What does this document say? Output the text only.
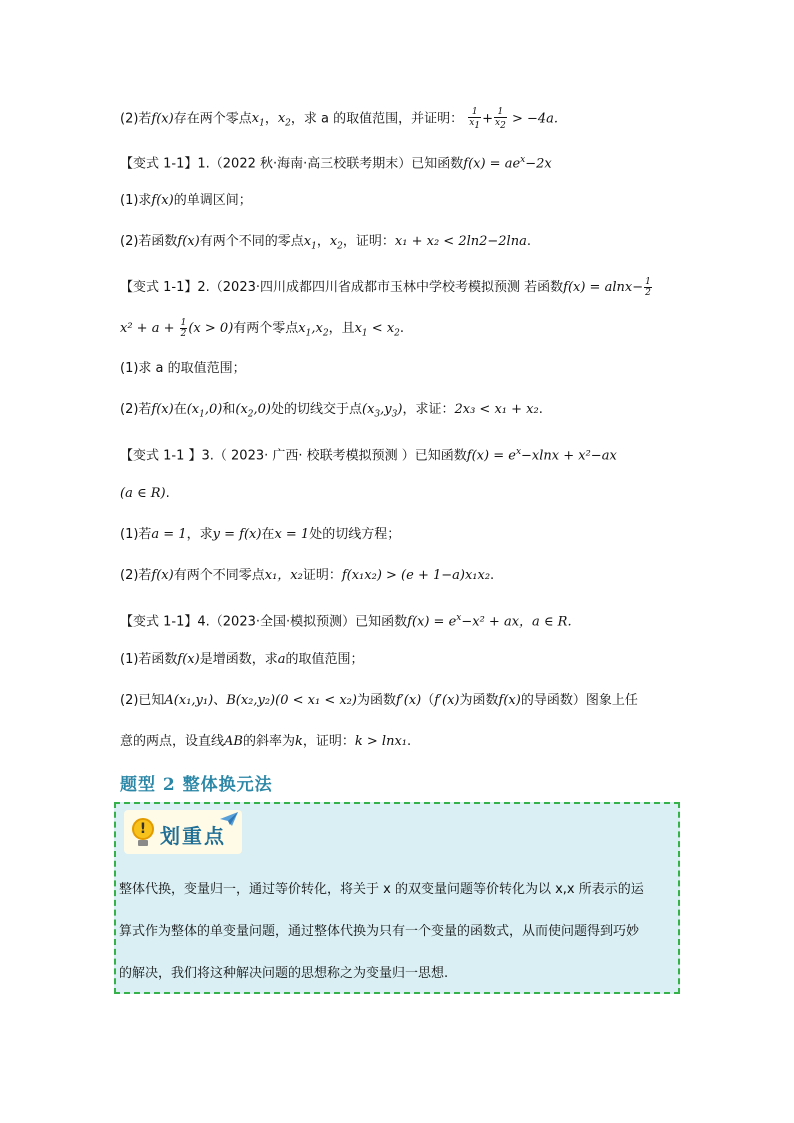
(2)若f(x)存在两个零点$x_1$，$x_2$，求 a 的取值范围，并证明： $\frac{1}{x_1} + \frac{1}{x_2} > -4a$.
【变式 1-1】1.（2022 秋·海南·高三校联考期末）已知函数$f(x) = ae^x-2x$
(1)求f(x)的单调区间；
(2)若函数f(x)有两个不同的零点$x_1$，$x_2$，证明：x₁ + x₂ < 2ln2−2lna.
【变式 1-1】2.（2023·四川成都四川省成都市玉林中学校考模拟预测 若函数$f(x) = alnx- \frac{1}{2}$
$x^2 + a + \frac{1}{2} (x > 0)$有两个零点$x_1,x_2$，且$x_1 < x_2$.
(1)求 a 的取值范围；
(2)若f(x)在$(x_1,0)$和$(x_2,0)$处的切线交于点$(x_3,y_3)$，求证：2x₃ < x₁ + x₂.
【变式 1-1 】3.（ 2023· 广西· 校联考模拟预测 ）已知函数$f(x) = e^x-xlnx + x^2-ax$
(a ∈ R).
(1)若a = 1，求y = f(x)在x = 1处的切线方程；
(2)若f(x)有两个不同零点x₁，x₂证明：f(x₁x₂) > (e + 1−a)x₁x₂.
【变式 1-1】4.（2023·全国·模拟预测）已知函数$f(x) = e^x-x^2$ + ax，a ∈ R.
(1)若函数f(x)是增函数，求a的取值范围；
(2)已知A(x₁,y₁)、B(x₂,y₂)(0 < x₁ < x₂)为函数f′(x)（f′(x)为函数f(x)的导函数）图象上任
意的两点，设直线AB的斜率为k，证明：k > lnx₁.
题型 2 整体换元法
! 划重点
整体代换，变量归一，通过等价转化，将关于 x 的双变量问题等价转化为以 x,x 所表示的运
算式作为整体的单变量问题，通过整体代换为只有一个变量的函数式，从而使问题得到巧妙
的解决，我们将这种解决问题的思想称之为变量归一思想.
